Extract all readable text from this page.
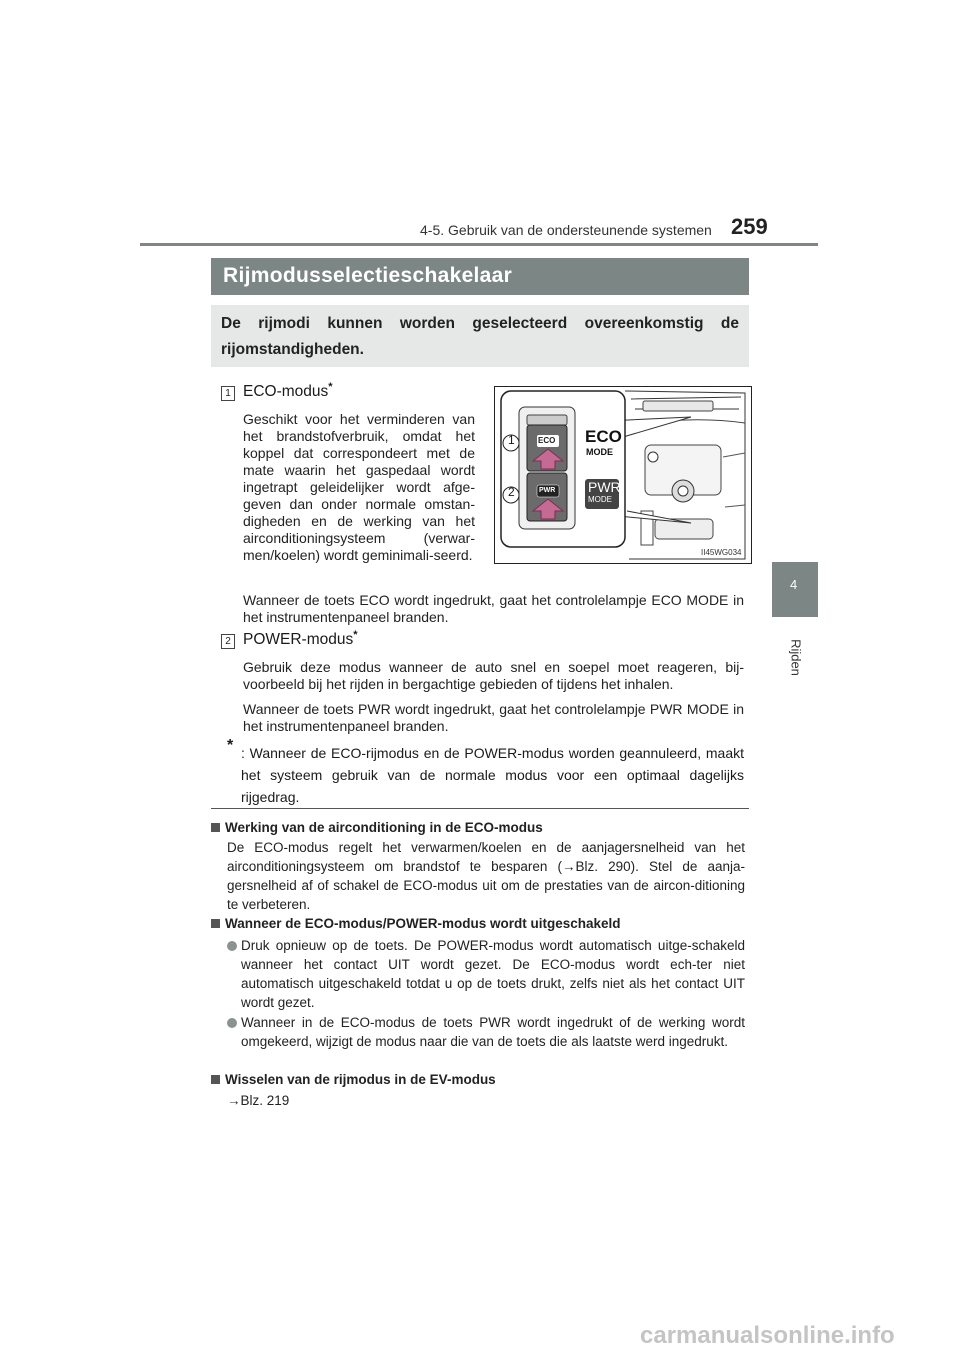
4-5. Gebruik van de ondersteunende systemen 259
4
Rijden
Rijmodusselectieschakelaar
De rijmodi kunnen worden geselecteerd overeenkomstig de rijomstandigheden.
1 ECO-modus*
Geschikt voor het verminderen van het brandstofverbruik, omdat het koppel dat correspondeert met de mate waarin het gaspedaal wordt ingetrapt geleidelijker wordt afge-geven dan onder normale omstan-digheden en de werking van het airconditioningsysteem (verwar-men/koelen) wordt geminimali-seerd.
Wanneer de toets ECO wordt ingedrukt, gaat het controlelampje ECO MODE in het instrumentenpaneel branden.
1
2
ECO
PWR
ECO
MODE
PWR
MODE
II45WG034
2 POWER-modus*
Gebruik deze modus wanneer de auto snel en soepel moet reageren, bij-voorbeeld bij het rijden in bergachtige gebieden of tijdens het inhalen.
Wanneer de toets PWR wordt ingedrukt, gaat het controlelampje PWR MODE in het instrumentenpaneel branden.
* : Wanneer de ECO-rijmodus en de POWER-modus worden geannuleerd, maakt het systeem gebruik van de normale modus voor een optimaal dagelijks rijgedrag.
Werking van de airconditioning in de ECO-modus
De ECO-modus regelt het verwarmen/koelen en de aanjagersnelheid van het airconditioningsysteem om brandstof te besparen (→Blz. 290). Stel de aanja-gersnelheid af of schakel de ECO-modus uit om de prestaties van de aircon-ditioning te verbeteren.
Wanneer de ECO-modus/POWER-modus wordt uitgeschakeld
Druk opnieuw op de toets. De POWER-modus wordt automatisch uitge-schakeld wanneer het contact UIT wordt gezet. De ECO-modus wordt ech-ter niet automatisch uitgeschakeld totdat u op de toets drukt, zelfs niet als het contact UIT wordt gezet.
Wanneer in de ECO-modus de toets PWR wordt ingedrukt of de werking wordt omgekeerd, wijzigt de modus naar die van de toets die als laatste werd ingedrukt.
Wisselen van de rijmodus in de EV-modus
→Blz. 219
carmanualsonline.info
